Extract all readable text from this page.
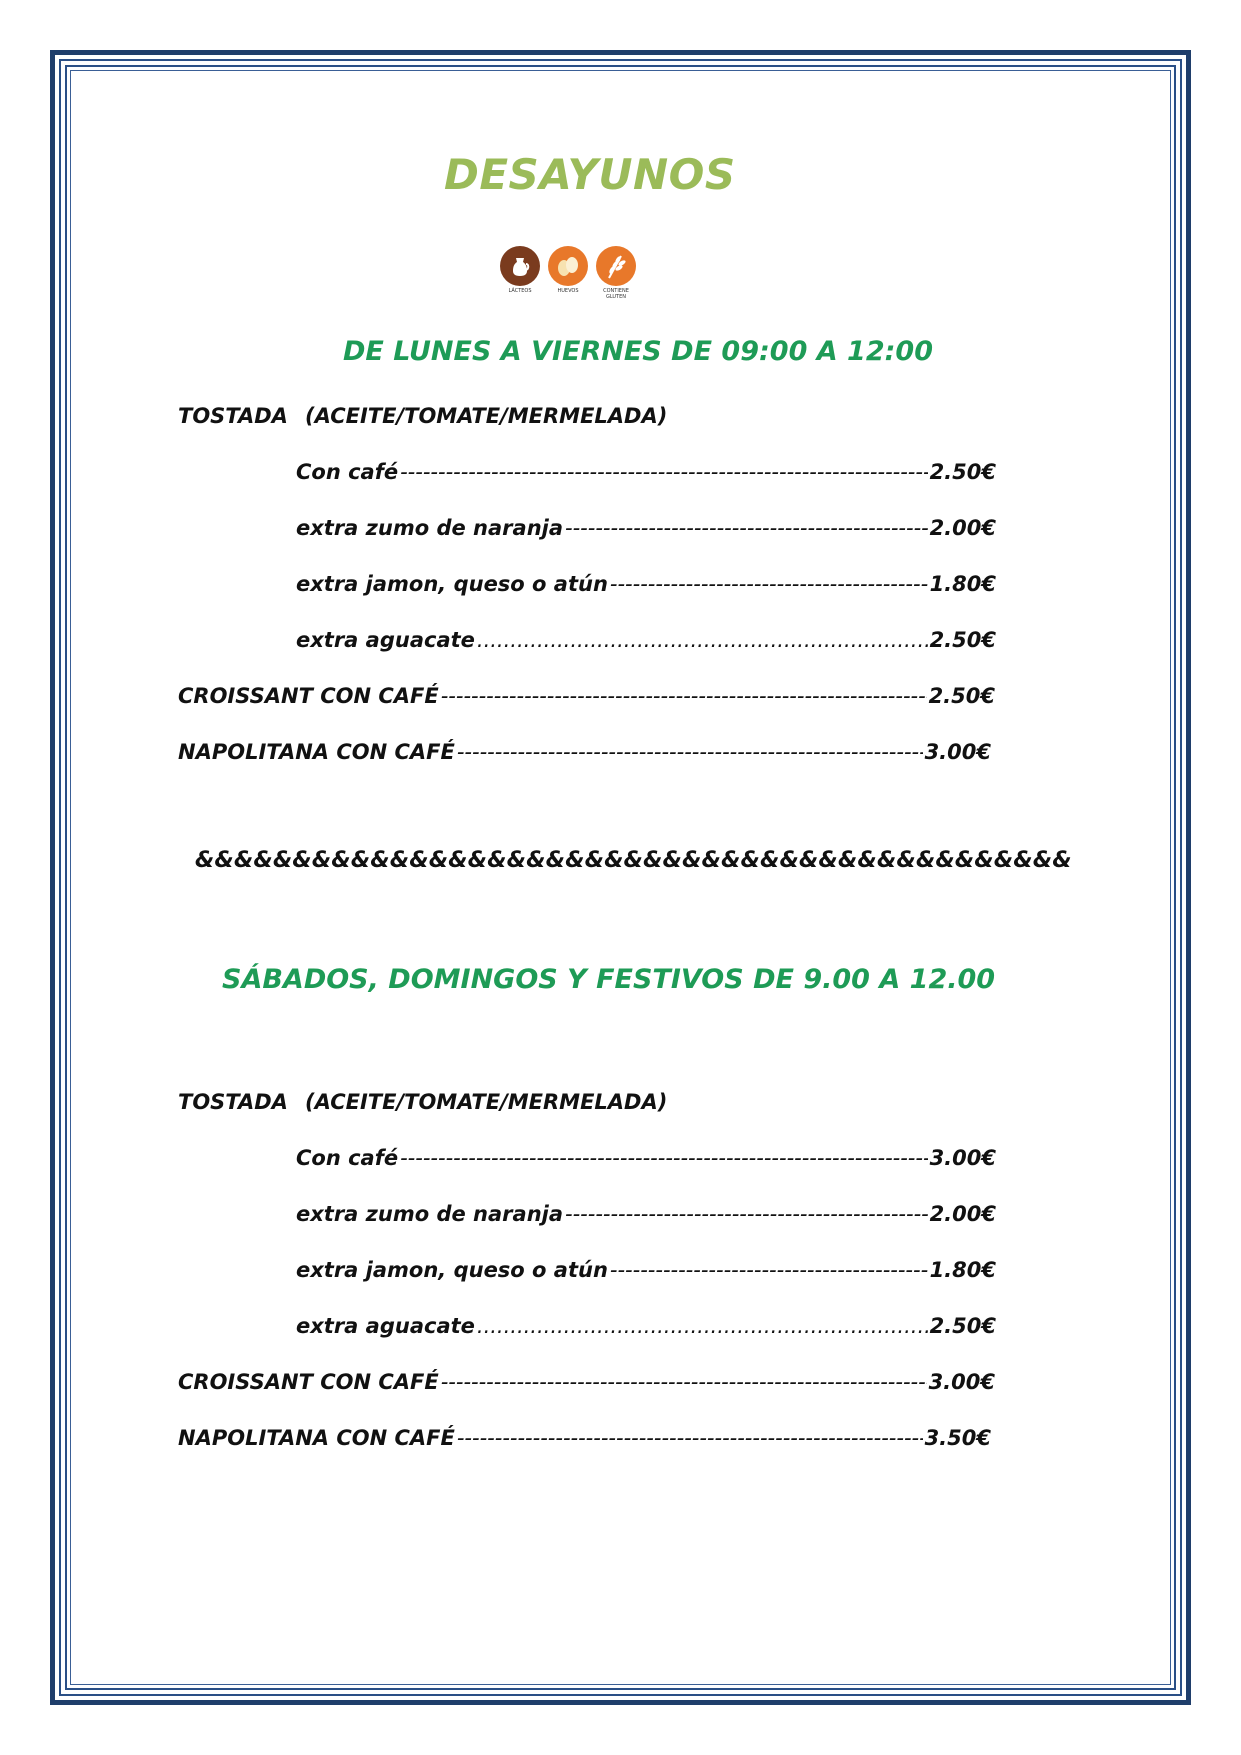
DESAYUNOS
LÁCTEOS	HUEVOS	CONTIENE GLUTEN
DE LUNES A VIERNES DE 09:00 A 12:00
TOSTADA (ACEITE/TOMATE/MERMELADA)
Con café -----	2.50€
extra zumo de naranja -----	2.00€
extra jamon, queso o atún -----	1.80€
extra aguacate .....	2.50€
CROISSANT CON CAFÉ -----	2.50€
NAPOLITANA CON CAFÉ -----	3.00€
&&&&&&&&&&&&&&&&&&&&&&&&&&&&&&&&&&&&&&&&&&&&&
SÁBADOS, DOMINGOS Y FESTIVOS DE 9.00 A 12.00
TOSTADA (ACEITE/TOMATE/MERMELADA)
Con café -----	3.00€
extra zumo de naranja -----	2.00€
extra jamon, queso o atún -----	1.80€
extra aguacate .....	2.50€
CROISSANT CON CAFÉ -----	3.00€
NAPOLITANA CON CAFÉ -----	3.50€
